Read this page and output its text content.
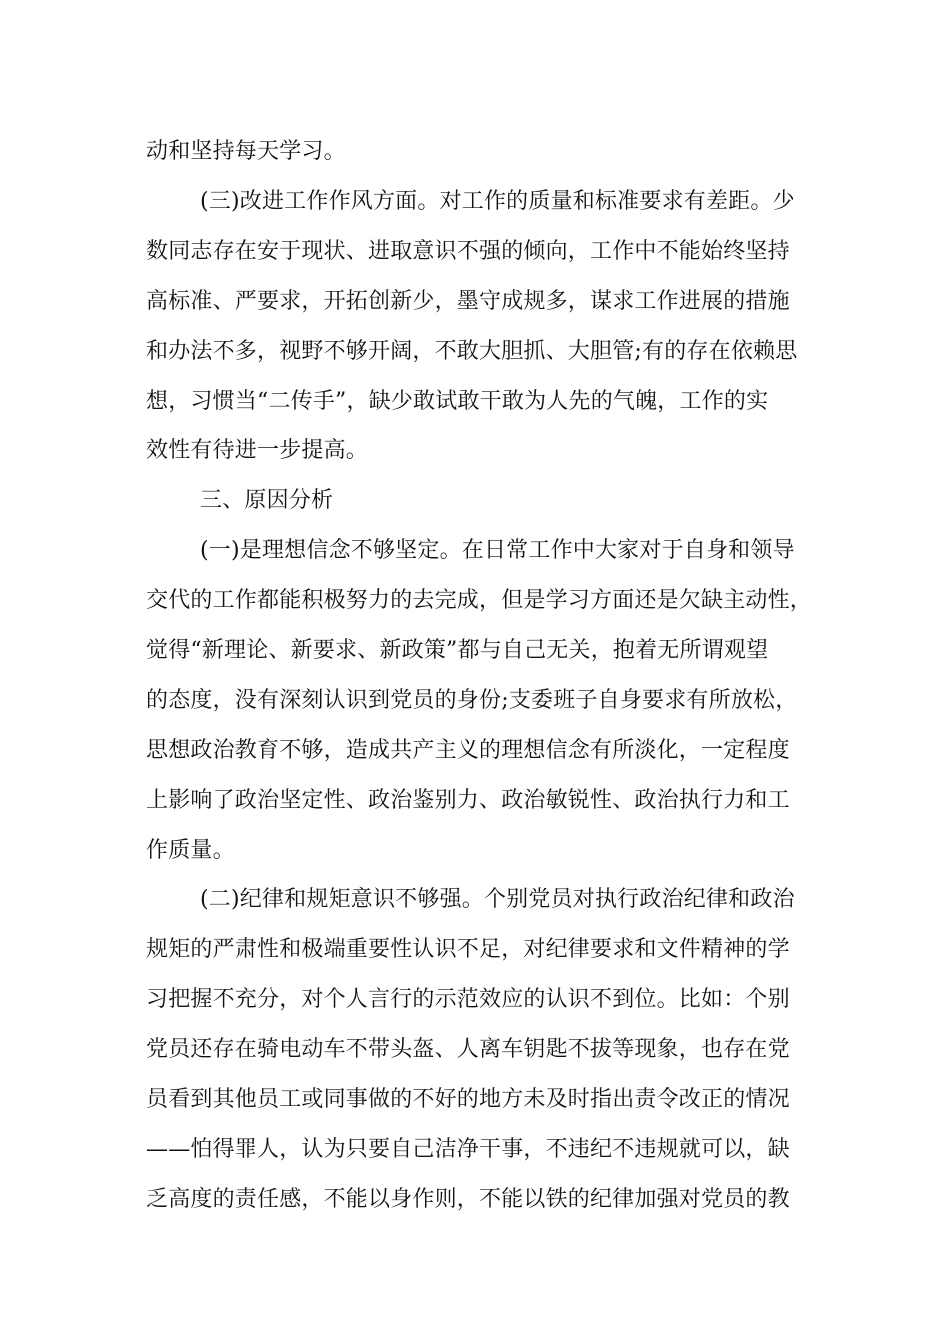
动和坚持每天学习。
(三)改进工作作风方面。对工作的质量和标准要求有差距。少
数同志存在安于现状、进取意识不强的倾向，工作中不能始终坚持
高标准、严要求，开拓创新少，墨守成规多，谋求工作进展的措施
和办法不多，视野不够开阔，不敢大胆抓、大胆管;有的存在依赖思
想，习惯当“二传手”，缺少敢试敢干敢为人先的气魄，工作的实
效性有待进一步提高。
三、原因分析
(一)是理想信念不够坚定。在日常工作中大家对于自身和领导
交代的工作都能积极努力的去完成，但是学习方面还是欠缺主动性，
觉得“新理论、新要求、新政策”都与自己无关，抱着无所谓观望
的态度，没有深刻认识到党员的身份;支委班子自身要求有所放松，
思想政治教育不够，造成共产主义的理想信念有所淡化，一定程度
上影响了政治坚定性、政治鉴别力、政治敏锐性、政治执行力和工
作质量。
(二)纪律和规矩意识不够强。个别党员对执行政治纪律和政治
规矩的严肃性和极端重要性认识不足，对纪律要求和文件精神的学
习把握不充分，对个人言行的示范效应的认识不到位。比如：个别
党员还存在骑电动车不带头盔、人离车钥匙不拔等现象，也存在党
员看到其他员工或同事做的不好的地方未及时指出责令改正的情况
——怕得罪人，认为只要自己洁净干事，不违纪不违规就可以，缺
乏高度的责任感，不能以身作则，不能以铁的纪律加强对党员的教
